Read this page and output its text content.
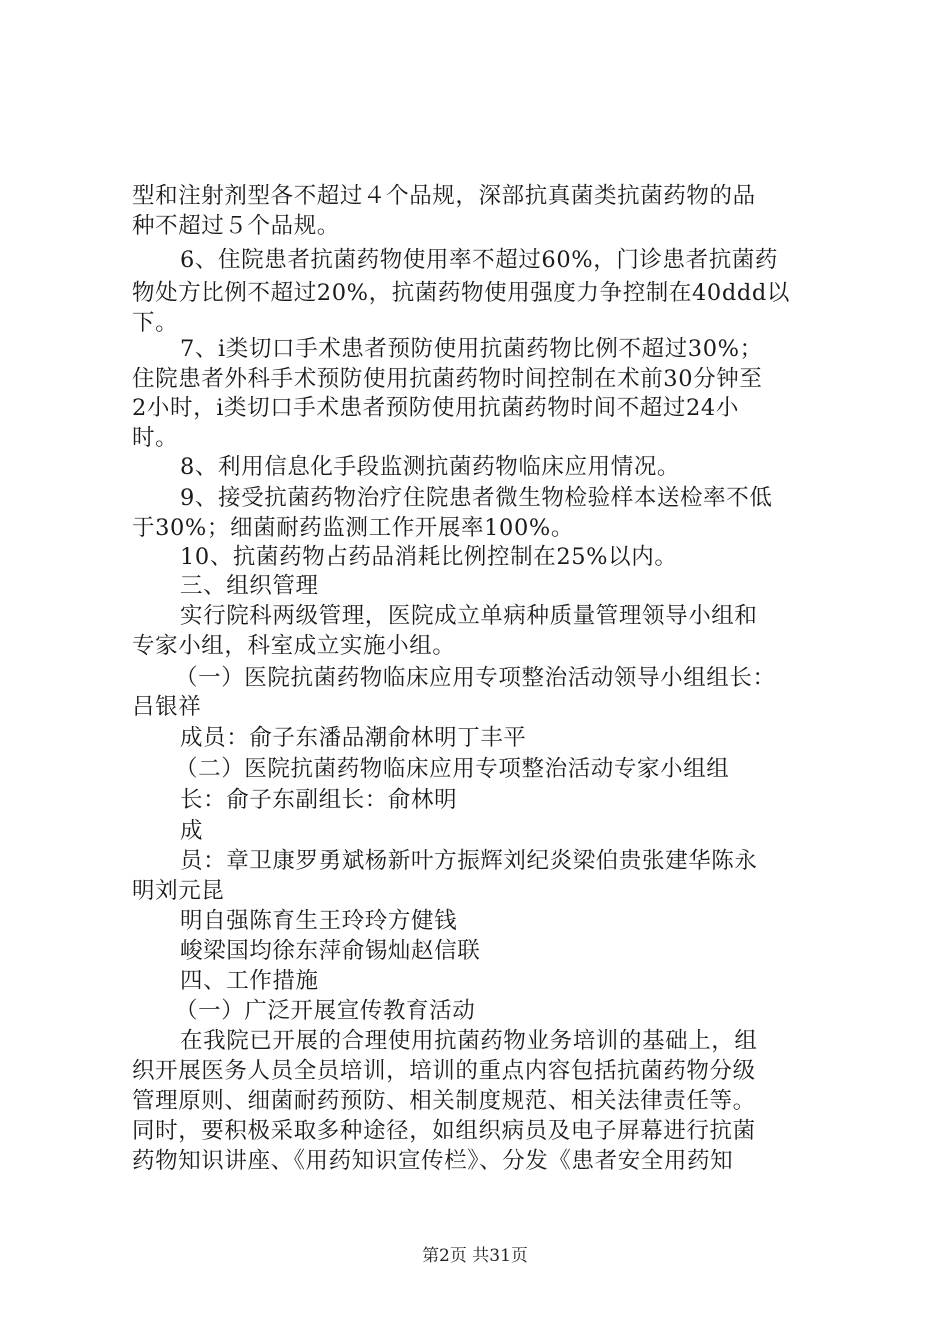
型和注射剂型各不超过４个品规，深部抗真菌类抗菌药物的品
种不超过５个品规。
6、住院患者抗菌药物使用率不超过60%，门诊患者抗菌药
物处方比例不超过20%，抗菌药物使用强度力争控制在40ddd以
下。
7、i类切口手术患者预防使用抗菌药物比例不超过30%；
住院患者外科手术预防使用抗菌药物时间控制在术前30分钟至
2小时，i类切口手术患者预防使用抗菌药物时间不超过24小
时。
8、利用信息化手段监测抗菌药物临床应用情况。
9、接受抗菌药物治疗住院患者微生物检验样本送检率不低
于30%；细菌耐药监测工作开展率100%。
10、抗菌药物占药品消耗比例控制在25%以内。
三、组织管理
实行院科两级管理，医院成立单病种质量管理领导小组和
专家小组，科室成立实施小组。
（一）医院抗菌药物临床应用专项整治活动领导小组组长：
吕银祥
成员：俞子东潘品潮俞林明丁丰平
（二）医院抗菌药物临床应用专项整治活动专家小组组
长：俞子东副组长：俞林明
成
员：章卫康罗勇斌杨新叶方振辉刘纪炎梁伯贵张建华陈永
明刘元昆
明自强陈育生王玲玲方健钱
峻梁国均徐东萍俞锡灿赵信联
四、工作措施
（一）广泛开展宣传教育活动
在我院已开展的合理使用抗菌药物业务培训的基础上，组
织开展医务人员全员培训，培训的重点内容包括抗菌药物分级
管理原则、细菌耐药预防、相关制度规范、相关法律责任等。
同时，要积极采取多种途径，如组织病员及电子屏幕进行抗菌
药物知识讲座、《用药知识宣传栏》、分发《患者安全用药知
第2页 共31页
